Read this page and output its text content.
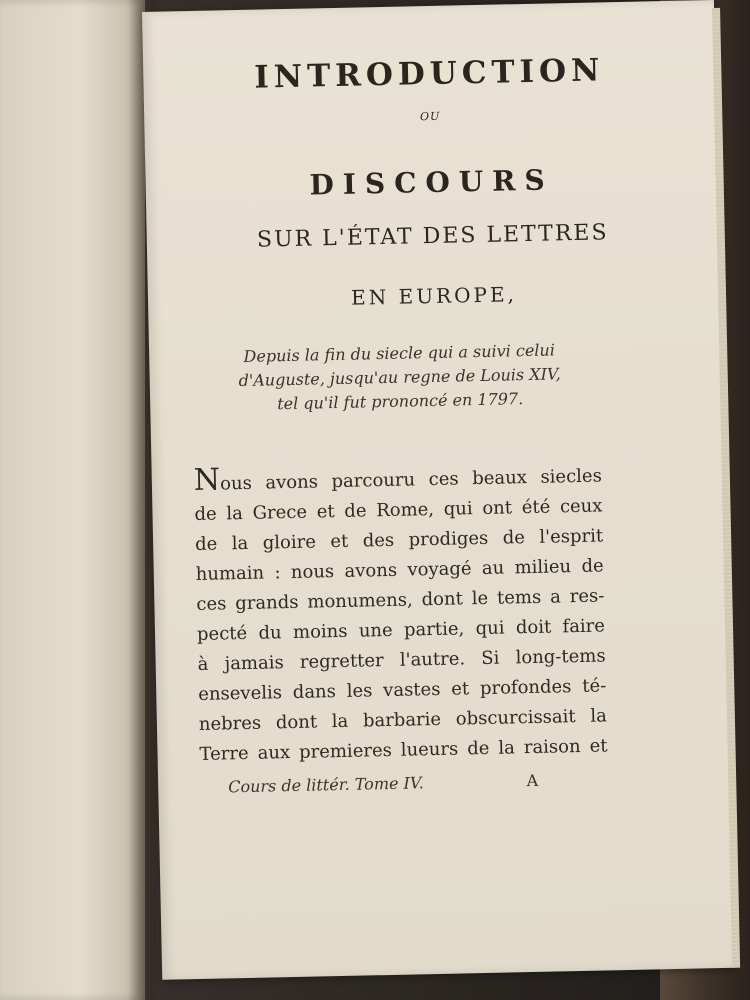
INTRODUCTION
OU
DISCOURS
SUR L'ÉTAT DES LETTRES
EN EUROPE,

Depuis la fin du siecle qui a suivi celui
d'Auguste, jusqu'au regne de Louis XIV,
tel qu'il fut prononcé en 1797.

Nous avons parcouru ces beaux siecles
de la Grece et de Rome, qui ont été ceux
de la gloire et des prodiges de l'esprit
humain : nous avons voyagé au milieu de
ces grands monumens, dont le tems a res-
pecté du moins une partie, qui doit faire
à jamais regretter l'autre. Si long-tems
ensevelis dans les vastes et profondes té-
nebres dont la barbarie obscurcissait la
Terre aux premieres lueurs de la raison et

Cours de littér. Tome IV.	A
